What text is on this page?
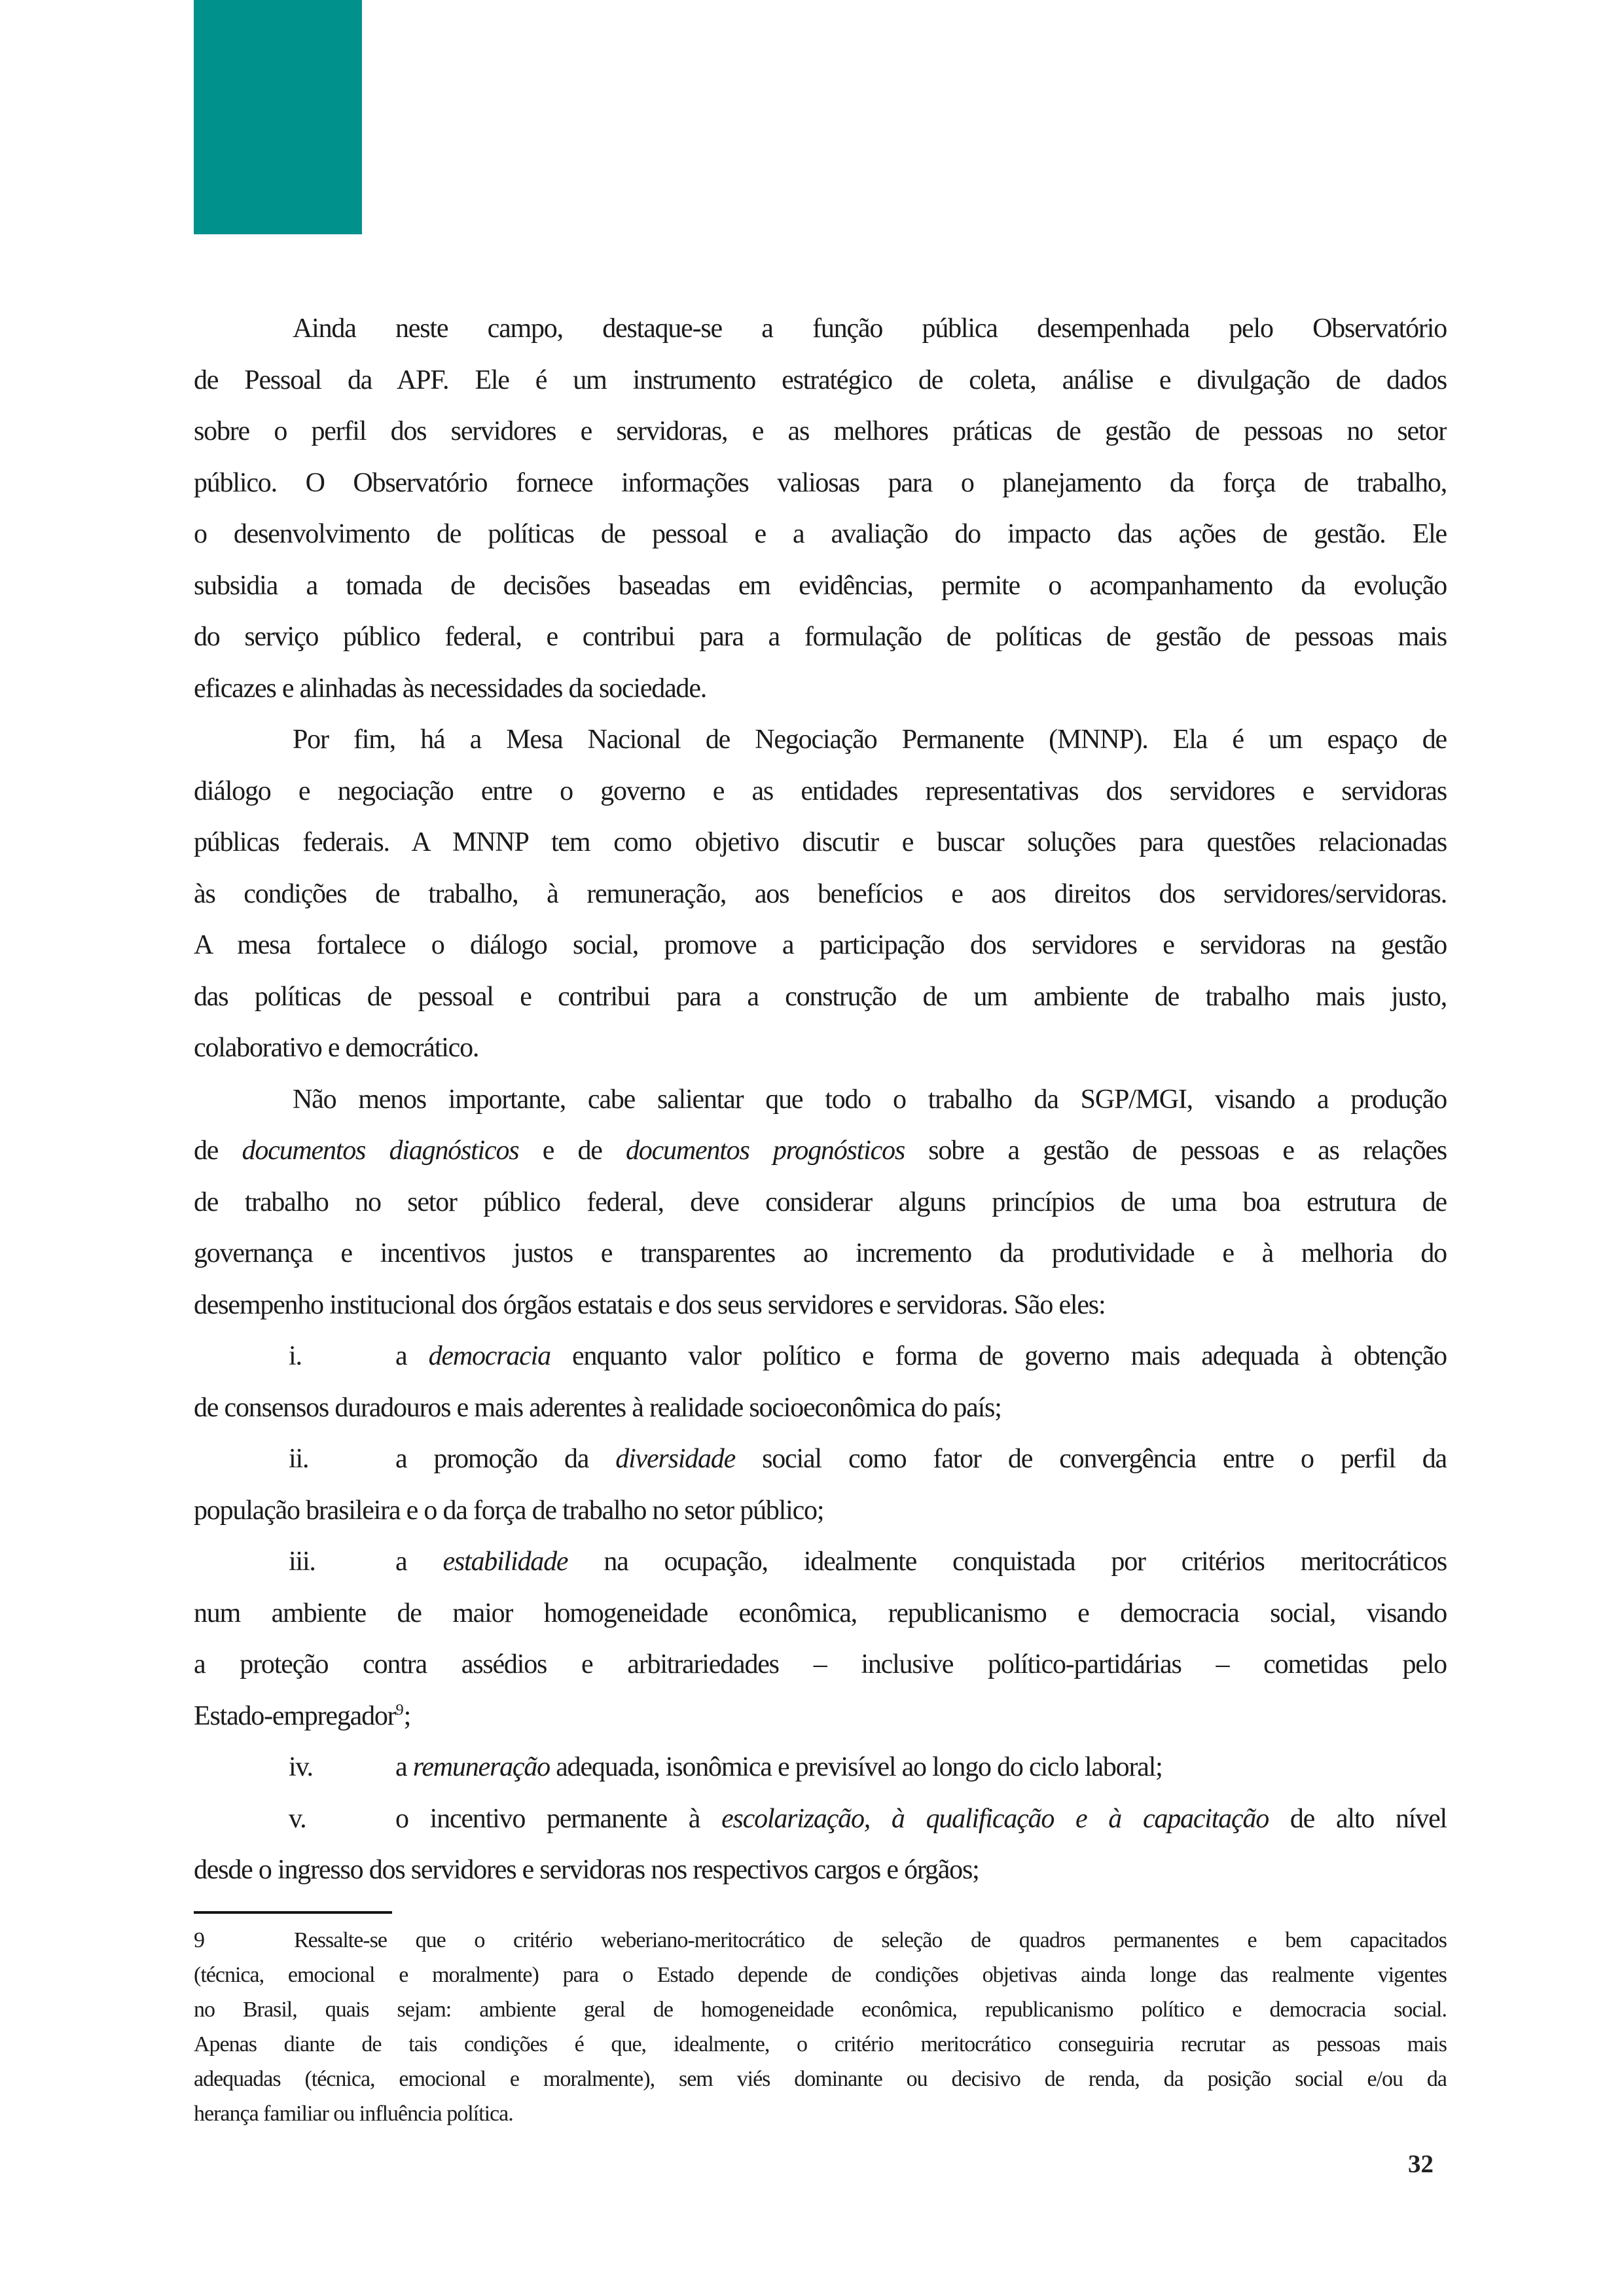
Ainda neste campo, destaque-se a função pública desempenhada pelo Observatório
de Pessoal da APF. Ele é um instrumento estratégico de coleta, análise e divulgação de dados
sobre o perfil dos servidores e servidoras, e as melhores práticas de gestão de pessoas no setor
público. O Observatório fornece informações valiosas para o planejamento da força de trabalho,
o desenvolvimento de políticas de pessoal e a avaliação do impacto das ações de gestão. Ele
subsidia a tomada de decisões baseadas em evidências, permite o acompanhamento da evolução
do serviço público federal, e contribui para a formulação de políticas de gestão de pessoas mais
eficazes e alinhadas às necessidades da sociedade.
Por fim, há a Mesa Nacional de Negociação Permanente (MNNP). Ela é um espaço de
diálogo e negociação entre o governo e as entidades representativas dos servidores e servidoras
públicas federais. A MNNP tem como objetivo discutir e buscar soluções para questões relacionadas
às condições de trabalho, à remuneração, aos benefícios e aos direitos dos servidores/servidoras.
A mesa fortalece o diálogo social, promove a participação dos servidores e servidoras na gestão
das políticas de pessoal e contribui para a construção de um ambiente de trabalho mais justo,
colaborativo e democrático.
Não menos importante, cabe salientar que todo o trabalho da SGP/MGI, visando a produção
de documentos diagnósticos e de documentos prognósticos sobre a gestão de pessoas e as relações
de trabalho no setor público federal, deve considerar alguns princípios de uma boa estrutura de
governança e incentivos justos e transparentes ao incremento da produtividade e à melhoria do
desempenho institucional dos órgãos estatais e dos seus servidores e servidoras. São eles:
i.	a democracia enquanto valor político e forma de governo mais adequada à obtenção
de consensos duradouros e mais aderentes à realidade socioeconômica do país;
ii.	a promoção da diversidade social como fator de convergência entre o perfil da
população brasileira e o da força de trabalho no setor público;
iii.	a estabilidade na ocupação, idealmente conquistada por critérios meritocráticos
num ambiente de maior homogeneidade econômica, republicanismo e democracia social, visando
a proteção contra assédios e arbitrariedades – inclusive político-partidárias – cometidas pelo
Estado-empregador$^9$;
iv.	a remuneração adequada, isonômica e previsível ao longo do ciclo laboral;
v.	o incentivo permanente à escolarização, à qualificação e à capacitação de alto nível
desde o ingresso dos servidores e servidoras nos respectivos cargos e órgãos;
9	Ressalte-se que o critério weberiano-meritocrático de seleção de quadros permanentes e bem capacitados
(técnica, emocional e moralmente) para o Estado depende de condições objetivas ainda longe das realmente vigentes
no Brasil, quais sejam: ambiente geral de homogeneidade econômica, republicanismo político e democracia social.
Apenas diante de tais condições é que, idealmente, o critério meritocrático conseguiria recrutar as pessoas mais
adequadas (técnica, emocional e moralmente), sem viés dominante ou decisivo de renda, da posição social e/ou da
herança familiar ou influência política.
32
